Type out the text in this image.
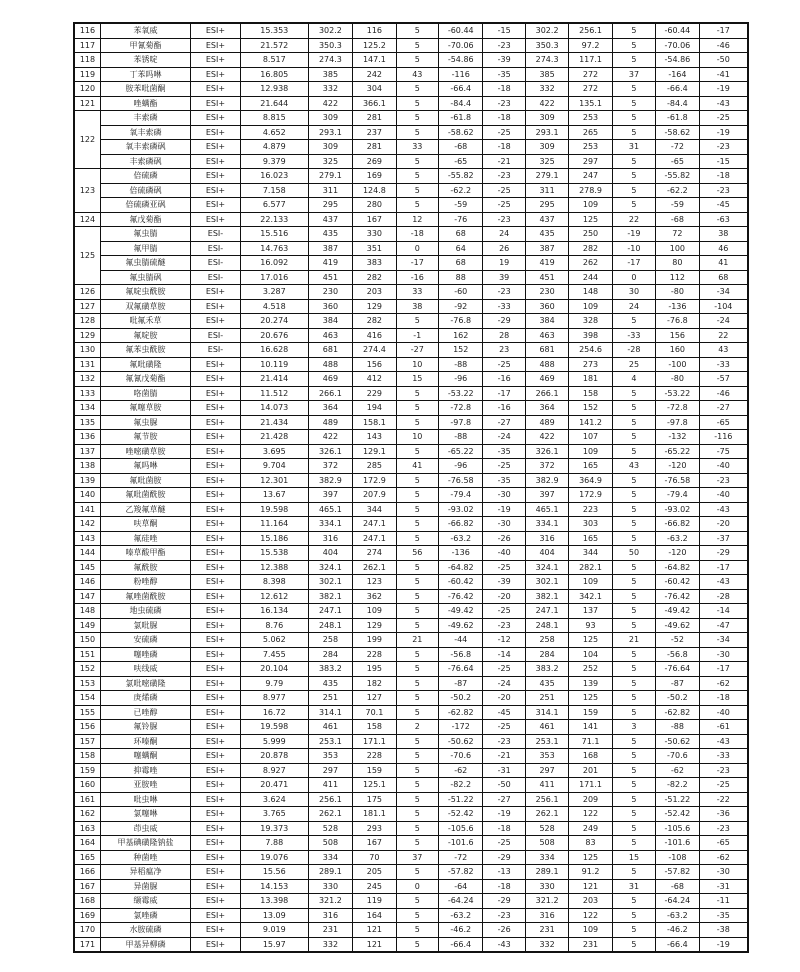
116	苯氧威	ESI+	15.353	302.2	116	5	-60.44	-15	302.2	256.1	5	-60.44	-17
117	甲氰菊酯	ESI+	21.572	350.3	125.2	5	-70.06	-23	350.3	97.2	5	-70.06	-46
118	苯锈啶	ESI+	8.517	274.3	147.1	5	-54.86	-39	274.3	117.1	5	-54.86	-50
119	丁苯吗啉	ESI+	16.805	385	242	43	-116	-35	385	272	37	-164	-41
120	胺苯吡菌酮	ESI+	12.938	332	304	5	-66.4	-18	332	272	5	-66.4	-19
121	唑螨酯	ESI+	21.644	422	366.1	5	-84.4	-23	422	135.1	5	-84.4	-43
122	丰索磷	ESI+	8.815	309	281	5	-61.8	-18	309	253	5	-61.8	-25
	氧丰索磷	ESI+	4.652	293.1	237	5	-58.62	-25	293.1	265	5	-58.62	-19
	氧丰索磷砜	ESI+	4.879	309	281	33	-68	-18	309	253	31	-72	-23
	丰索磷砜	ESI+	9.379	325	269	5	-65	-21	325	297	5	-65	-15
123	倍硫磷	ESI+	16.023	279.1	169	5	-55.82	-23	279.1	247	5	-55.82	-18
	倍硫磷砜	ESI+	7.158	311	124.8	5	-62.2	-25	311	278.9	5	-62.2	-23
	倍硫磷亚砜	ESI+	6.577	295	280	5	-59	-25	295	109	5	-59	-45
124	氟戊菊酯	ESI+	22.133	437	167	12	-76	-23	437	125	22	-68	-63
125	氟虫腈	ESI-	15.516	435	330	-18	68	24	435	250	-19	72	38
	氟甲腈	ESI-	14.763	387	351	0	64	26	387	282	-10	100	46
	氟虫腈硫醚	ESI-	16.092	419	383	-17	68	19	419	262	-17	80	41
	氟虫腈砜	ESI-	17.016	451	282	-16	88	39	451	244	0	112	68
126	氟啶虫酰胺	ESI+	3.287	230	203	33	-60	-23	230	148	30	-80	-34
127	双氟磺草胺	ESI+	4.518	360	129	38	-92	-33	360	109	24	-136	-104
128	吡氟禾草	ESI+	20.274	384	282	5	-76.8	-29	384	328	5	-76.8	-24
129	氟啶胺	ESI-	20.676	463	416	-1	162	28	463	398	-33	156	22
130	氟苯虫酰胺	ESI-	16.628	681	274.4	-27	152	23	681	254.6	-28	160	43
131	氟吡磺隆	ESI+	10.119	488	156	10	-88	-25	488	273	25	-100	-33
132	氟氰戊菊酯	ESI+	21.414	469	412	15	-96	-16	469	181	4	-80	-57
133	咯菌腈	ESI+	11.512	266.1	229	5	-53.22	-17	266.1	158	5	-53.22	-46
134	氟噻草胺	ESI+	14.073	364	194	5	-72.8	-16	364	152	5	-72.8	-27
135	氟虫脲	ESI+	21.434	489	158.1	5	-97.8	-27	489	141.2	5	-97.8	-65
136	氟节胺	ESI+	21.428	422	143	10	-88	-24	422	107	5	-132	-116
137	唑嘧磺草胺	ESI+	3.695	326.1	129.1	5	-65.22	-35	326.1	109	5	-65.22	-75
138	氟吗啉	ESI+	9.704	372	285	41	-96	-25	372	165	43	-120	-40
139	氟吡菌胺	ESI+	12.301	382.9	172.9	5	-76.58	-35	382.9	364.9	5	-76.58	-23
140	氟吡菌酰胺	ESI+	13.67	397	207.9	5	-79.4	-30	397	172.9	5	-79.4	-40
141	乙羧氟草醚	ESI+	19.598	465.1	344	5	-93.02	-19	465.1	223	5	-93.02	-43
142	呋草酮	ESI+	11.164	334.1	247.1	5	-66.82	-30	334.1	303	5	-66.82	-20
143	氟硅唑	ESI+	15.186	316	247.1	5	-63.2	-26	316	165	5	-63.2	-37
144	嗪草酸甲酯	ESI+	15.538	404	274	56	-136	-40	404	344	50	-120	-29
145	氟酰胺	ESI+	12.388	324.1	262.1	5	-64.82	-25	324.1	282.1	5	-64.82	-17
146	粉唑醇	ESI+	8.398	302.1	123	5	-60.42	-39	302.1	109	5	-60.42	-43
147	氟唑菌酰胺	ESI+	12.612	382.1	362	5	-76.42	-20	382.1	342.1	5	-76.42	-28
148	地虫硫磷	ESI+	16.134	247.1	109	5	-49.42	-25	247.1	137	5	-49.42	-14
149	氯吡脲	ESI+	8.76	248.1	129	5	-49.62	-23	248.1	93	5	-49.62	-47
150	安硫磷	ESI+	5.062	258	199	21	-44	-12	258	125	21	-52	-34
151	噻唑磷	ESI+	7.455	284	228	5	-56.8	-14	284	104	5	-56.8	-30
152	呋线威	ESI+	20.104	383.2	195	5	-76.64	-25	383.2	252	5	-76.64	-17
153	氯吡嘧磺隆	ESI+	9.79	435	182	5	-87	-24	435	139	5	-87	-62
154	庚烯磷	ESI+	8.977	251	127	5	-50.2	-20	251	125	5	-50.2	-18
155	已唑醇	ESI+	16.72	314.1	70.1	5	-62.82	-45	314.1	159	5	-62.82	-40
156	氟铃脲	ESI+	19.598	461	158	2	-172	-25	461	141	3	-88	-61
157	环嗪酮	ESI+	5.999	253.1	171.1	5	-50.62	-23	253.1	71.1	5	-50.62	-43
158	噻螨酮	ESI+	20.878	353	228	5	-70.6	-21	353	168	5	-70.6	-33
159	抑霉唑	ESI+	8.927	297	159	5	-62	-31	297	201	5	-62	-23
160	亚胺唑	ESI+	20.471	411	125.1	5	-82.2	-50	411	171.1	5	-82.2	-25
161	吡虫啉	ESI+	3.624	256.1	175	5	-51.22	-27	256.1	209	5	-51.22	-22
162	氯噻啉	ESI+	3.765	262.1	181.1	5	-52.42	-19	262.1	122	5	-52.42	-36
163	茚虫威	ESI+	19.373	528	293	5	-105.6	-18	528	249	5	-105.6	-23
164	甲基碘磺隆钠盐	ESI+	7.88	508	167	5	-101.6	-25	508	83	5	-101.6	-65
165	种菌唑	ESI+	19.076	334	70	37	-72	-29	334	125	15	-108	-62
166	异稻瘟净	ESI+	15.56	289.1	205	5	-57.82	-13	289.1	91.2	5	-57.82	-30
167	异菌脲	ESI+	14.153	330	245	0	-64	-18	330	121	31	-68	-31
168	缬霉威	ESI+	13.398	321.2	119	5	-64.24	-29	321.2	203	5	-64.24	-11
169	氯唑磷	ESI+	13.09	316	164	5	-63.2	-23	316	122	5	-63.2	-35
170	水胺硫磷	ESI+	9.019	231	121	5	-46.2	-26	231	109	5	-46.2	-38
171	甲基异柳磷	ESI+	15.97	332	121	5	-66.4	-43	332	231	5	-66.4	-19
